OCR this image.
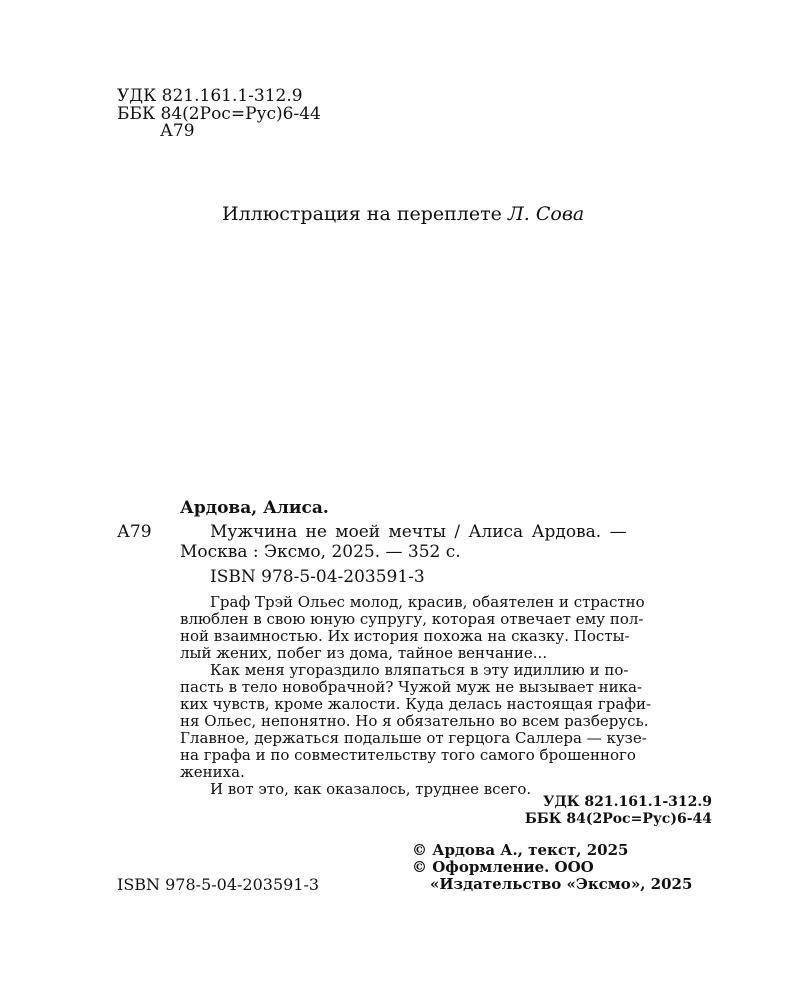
УДК 821.161.1-312.9
ББК 84(2Рос=Рус)6-44
А79
Иллюстрация на переплете Л. Сова
Ардова, Алиса.
А79	Мужчина не моей мечты / Алиса Ардова. —
Москва : Эксмо, 2025. — 352 с.
ISBN 978-5-04-203591-3

Граф Трэй Ольес молод, красив, обаятелен и страстно

влюблен в свою юную супругу, которая отвечает ему пол-

ной взаимностью. Их история похожа на сказку. Посты-

лый жених, побег из дома, тайное венчание...

Как меня угораздило вляпаться в эту идиллию и по-

пасть в тело новобрачной? Чужой муж не вызывает ника-

ких чувств, кроме жалости. Куда делась настоящая графи-

ня Ольес, непонятно. Но я обязательно во всем разберусь.

Главное, держаться подальше от герцога Саллера — кузе-

на графа и по совместительству того самого брошенного

жениха.

И вот это, как оказалось, труднее всего.

УДК 821.161.1-312.9
ББК 84(2Рос=Рус)6-44
© Ардова А., текст, 2025
© Оформление. ООО
«Издательство «Эксмо», 2025
ISBN 978-5-04-203591-3
